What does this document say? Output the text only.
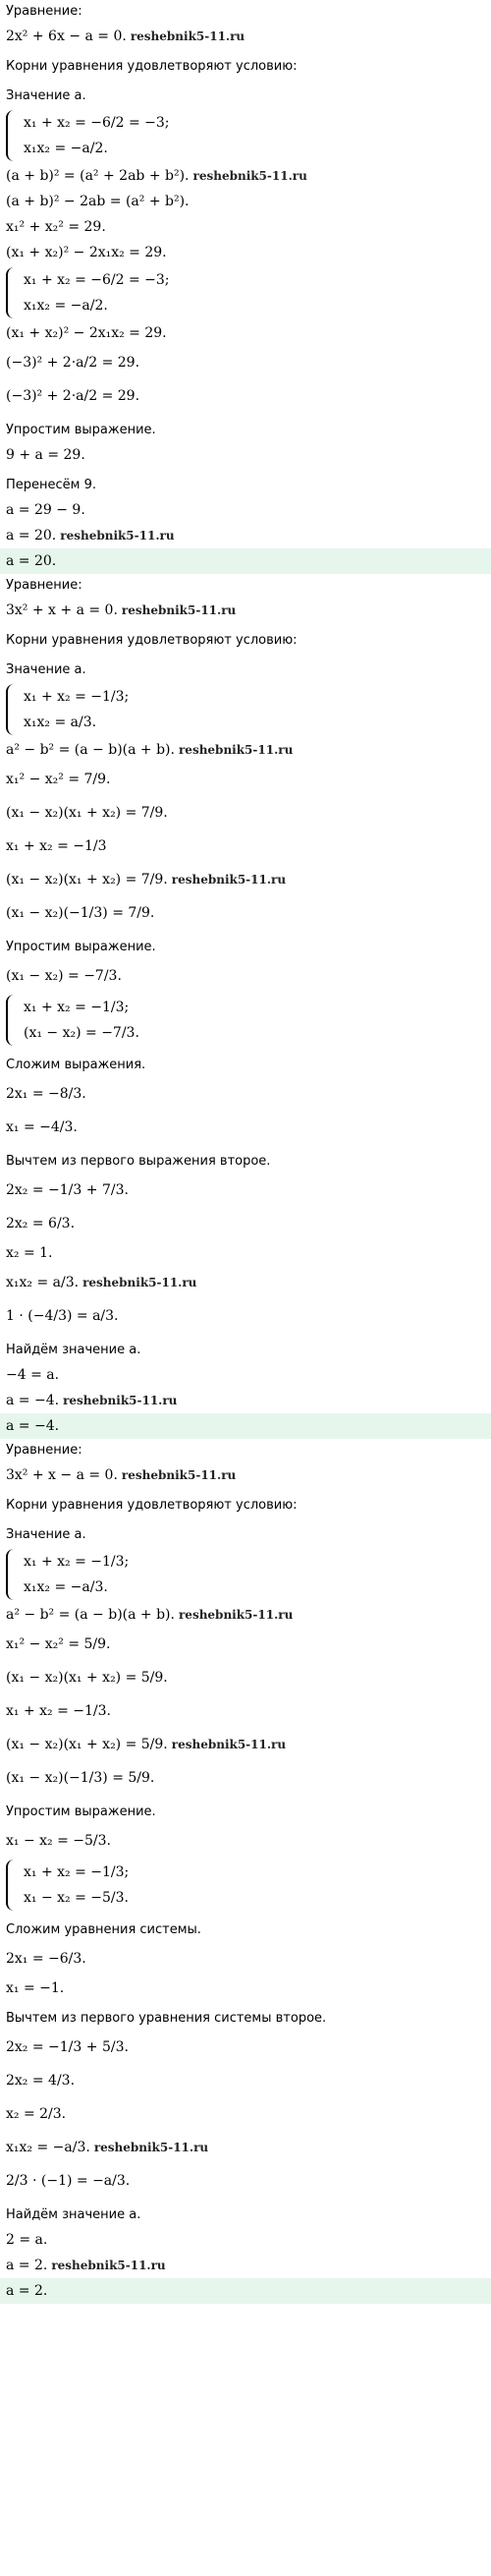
Уравнение:
2x² + 6x − a = 0. reshebnik5-11.ru
Корни уравнения удовлетворяют условию:
Значение a.
x₁ + x₂ = −6/2 = −3;
x₁x₂ = −a/2.
(a + b)² = (a² + 2ab + b²). reshebnik5-11.ru
(a + b)² − 2ab = (a² + b²).
x₁² + x₂² = 29.
(x₁ + x₂)² − 2x₁x₂ = 29.
x₁ + x₂ = −6/2 = −3;
x₁x₂ = −a/2.
(x₁ + x₂)² − 2x₁x₂ = 29.
(−3)² + 2·a/2 = 29.
(−3)² + 2·a/2 = 29.
Упростим выражение.
9 + a = 29.
Перенесём 9.
a = 29 − 9.
a = 20. reshebnik5-11.ru
a = 20.
Уравнение:
3x² + x + a = 0. reshebnik5-11.ru
Корни уравнения удовлетворяют условию:
Значение a.
x₁ + x₂ = −1/3;
x₁x₂ = a/3.
a² − b² = (a − b)(a + b). reshebnik5-11.ru
x₁² − x₂² = 7/9.
(x₁ − x₂)(x₁ + x₂) = 7/9.
x₁ + x₂ = −1/3
(x₁ − x₂)(x₁ + x₂) = 7/9. reshebnik5-11.ru
(x₁ − x₂)(−1/3) = 7/9.
Упростим выражение.
(x₁ − x₂) = −7/3.
x₁ + x₂ = −1/3;
(x₁ − x₂) = −7/3.
Сложим выражения.
2x₁ = −8/3.
x₁ = −4/3.
Вычтем из первого выражения второе.
2x₂ = −1/3 + 7/3.
2x₂ = 6/3.
x₂ = 1.
x₁x₂ = a/3. reshebnik5-11.ru
1 · (−4/3) = a/3.
Найдём значение a.
−4 = a.
a = −4. reshebnik5-11.ru
a = −4.
Уравнение:
3x² + x − a = 0. reshebnik5-11.ru
Корни уравнения удовлетворяют условию:
Значение a.
x₁ + x₂ = −1/3;
x₁x₂ = −a/3.
a² − b² = (a − b)(a + b). reshebnik5-11.ru
x₁² − x₂² = 5/9.
(x₁ − x₂)(x₁ + x₂) = 5/9.
x₁ + x₂ = −1/3.
(x₁ − x₂)(x₁ + x₂) = 5/9. reshebnik5-11.ru
(x₁ − x₂)(−1/3) = 5/9.
Упростим выражение.
x₁ − x₂ = −5/3.
x₁ + x₂ = −1/3;
x₁ − x₂ = −5/3.
Сложим уравнения системы.
2x₁ = −6/3.
x₁ = −1.
Вычтем из первого уравнения системы второе.
2x₂ = −1/3 + 5/3.
2x₂ = 4/3.
x₂ = 2/3.
x₁x₂ = −a/3. reshebnik5-11.ru
2/3 · (−1) = −a/3.
Найдём значение a.
2 = a.
a = 2. reshebnik5-11.ru
a = 2.
